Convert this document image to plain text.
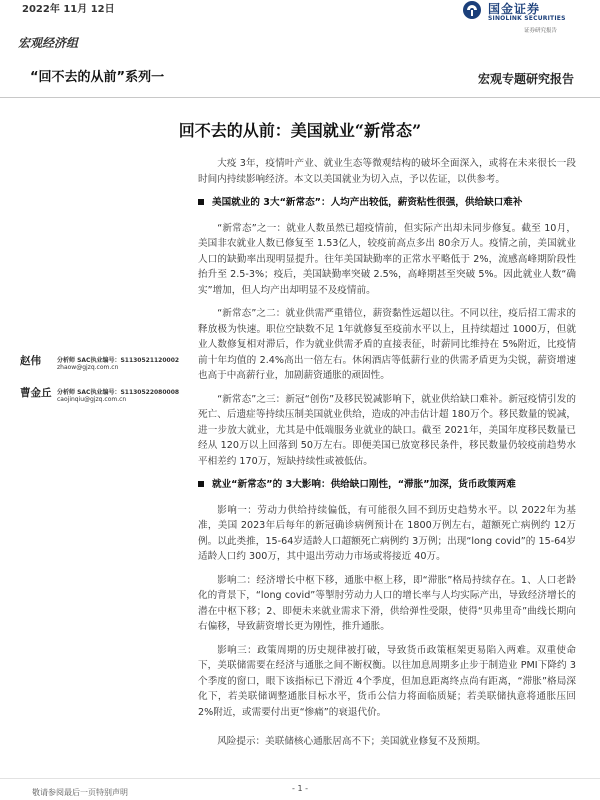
2022年 11月 12日	国金证券
SINOLINK SECURITIES
证券研究报告
宏观经济组
“回不去的从前”系列一	宏观专题研究报告
回不去的从前：美国就业“新常态”
赵伟	分析师 SAC执业编号：S1130521120002
zhaow@gjzq.com.cn
曹金丘 分析师 SAC执业编号：S1130522080008
caojinqiu@gjzq.com.cn

大疫 3年，疫情叶产业、就业生态等微观结构的破坏全面深入，或将在未来很长一段时间内持续影响经济。本文以美国就业为切入点，予以佐证，以供参考。

美国就业的 3大“新常态”：人均产出较低，薪资粘性很强，供给缺口难补

“新常态”之一：就业人数虽然已超疫情前，但实际产出却未同步修复。截至 10月，美国非农就业人数已修复至 1.53亿人，较疫前高点多出 80余万人。疫情之前，美国就业人口的缺勤率出现明显提升。往年美国缺勤率的正常水平略低于 2%，流感高峰期阶段性抬升至 2.5-3%；疫后，美国缺勤率突破 2.5%，高峰期甚至突破 5%。因此就业人数“确实”增加，但人均产出却明显不及疫情前。

“新常态”之二：就业供需严重错位，薪资黏性远超以往。不同以往，疫后招工需求的释放极为快速。职位空缺数不足 1年就修复至疫前水平以上，且持续超过 1000万，但就业人数修复相对滞后，作为就业供需矛盾的直接表征，时薪同比维持在 5%附近，比疫情前十年均值的 2.4%高出一倍左右。休闲酒店等低薪行业的供需矛盾更为尖锐，薪资增速也高于中高薪行业，加剧薪资通胀的顽固性。

“新常态”之三：新冠“创伤”及移民锐减影响下，就业供给缺口难补。新冠疫情引发的死亡、后遗症等持续压制美国就业供给，造成的冲击估计超 180万个。移民数量的锐减，进一步放大就业，尤其是中低端服务业就业的缺口。截至 2021年，美国年度移民数量已经从 120万以上回落到 50万左右。即便美国已放宽移民条件，移民数量仍较疫前趋势水平相差约 170万，短缺持续性或被低估。

就业“新常态”的 3大影响：供给缺口刚性，“滞胀”加深，货币政策两难

影响一：劳动力供给持续偏低，有可能很久回不到历史趋势水平。以 2022年为基准，美国 2023年后每年的新冠确诊病例预计在 1800万例左右，超额死亡病例约 12万例。以此类推，15-64岁适龄人口超额死亡病例约 3万例；出现“long covid”的 15-64岁适龄人口约 300万，其中退出劳动力市场或将接近 40万。

影响二：经济增长中枢下移，通胀中枢上移，即“滞胀”格局持续存在。1、人口老龄化的背景下，“long covid”等掣肘劳动力人口的增长率与人均实际产出，导致经济增长的潜在中枢下移；2、即便未来就业需求下滑，供给弹性受限，使得“贝弗里奇”曲线长期向右偏移，导致薪资增长更为刚性，推升通胀。

影响三：政策周期的历史规律被打破，导致货币政策框架更易陷入两难。双重使命下，美联储需要在经济与通胀之间不断权衡。以往加息周期多止步于制造业 PMI下降约 3个季度的窗口，眼下该指标已下滑近 4个季度，但加息距离终点尚有距离，“滞胀”格局深化下，若美联储调整通胀目标水平，货币公信力将面临质疑；若美联储执意将通胀压回 2%附近，或需要付出更“惨痛”的衰退代价。

风险提示：美联储核心通胀居高不下；美国就业修复不及预期。

- 1 -
敬请参阅最后一页特别声明
